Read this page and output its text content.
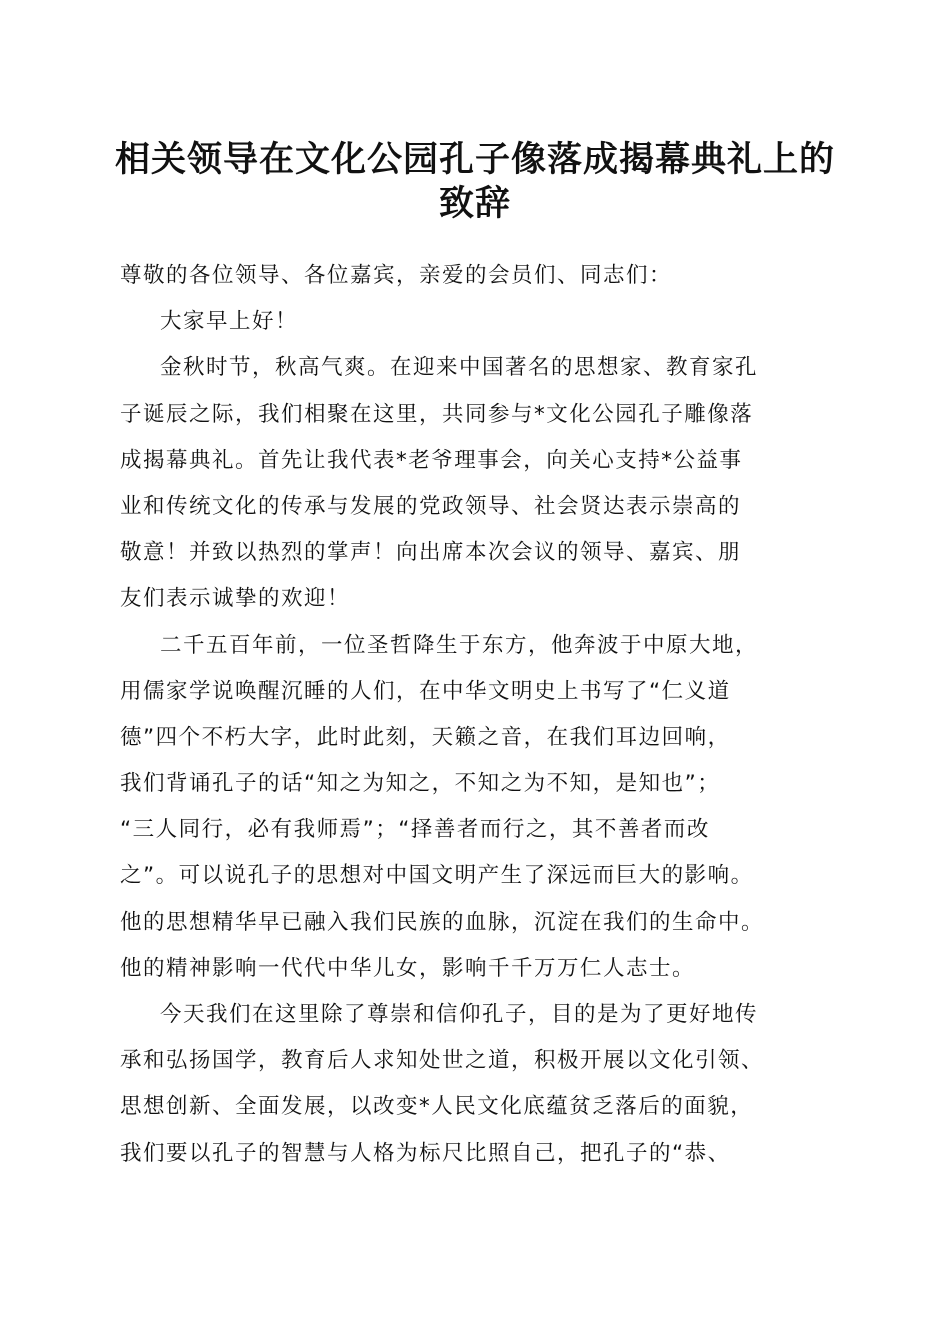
相关领导在文化公园孔子像落成揭幕典礼上的
致辞
尊敬的各位领导、各位嘉宾，亲爱的会员们、同志们：
大家早上好！
金秋时节，秋高气爽。在迎来中国著名的思想家、教育家孔
子诞辰之际，我们相聚在这里，共同参与*文化公园孔子雕像落
成揭幕典礼。首先让我代表*老爷理事会，向关心支持*公益事
业和传统文化的传承与发展的党政领导、社会贤达表示崇高的
敬意！并致以热烈的掌声！向出席本次会议的领导、嘉宾、朋
友们表示诚挚的欢迎！
二千五百年前，一位圣哲降生于东方，他奔波于中原大地，
用儒家学说唤醒沉睡的人们，在中华文明史上书写了“仁义道
德”四个不朽大字，此时此刻，天籁之音，在我们耳边回响，
我们背诵孔子的话“知之为知之，不知之为不知，是知也”；
“三人同行，必有我师焉”；“择善者而行之，其不善者而改
之”。可以说孔子的思想对中国文明产生了深远而巨大的影响。
他的思想精华早已融入我们民族的血脉，沉淀在我们的生命中。
他的精神影响一代代中华儿女，影响千千万万仁人志士。
今天我们在这里除了尊崇和信仰孔子，目的是为了更好地传
承和弘扬国学，教育后人求知处世之道，积极开展以文化引领、
思想创新、全面发展，以改变*人民文化底蕴贫乏落后的面貌，
我们要以孔子的智慧与人格为标尺比照自己，把孔子的“恭、
